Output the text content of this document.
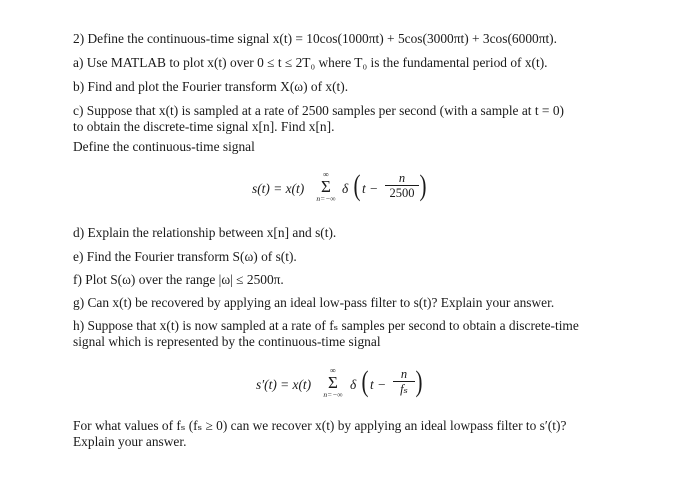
2) Define the continuous-time signal x(t) = 10cos(1000πt) + 5cos(3000πt) + 3cos(6000πt).
a) Use MATLAB to plot x(t) over 0 ≤ t ≤ 2T₀ where T₀ is the fundamental period of x(t).
b) Find and plot the Fourier transform X(ω) of x(t).
c) Suppose that x(t) is sampled at a rate of 2500 samples per second (with a sample at t = 0)
to obtain the discrete-time signal x[n]. Find x[n].
Define the continuous-time signal
s(t) = x(t)
∞
Σ
n=−∞
δ ( $t - \frac{n}{2500}$ )
d) Explain the relationship between x[n] and s(t).
e) Find the Fourier transform S(ω) of s(t).
f) Plot S(ω) over the range |ω| ≤ 2500π.
g) Can x(t) be recovered by applying an ideal low-pass filter to s(t)? Explain your answer.
h) Suppose that x(t) is now sampled at a rate of fₛ samples per second to obtain a discrete-time
signal which is represented by the continuous-time signal
s′(t) = x(t)
∞
Σ
n=−∞
δ ( $t - \frac{n}{\text{fₛ}}$ )
For what values of fₛ (fₛ ≥ 0) can we recover x(t) by applying an ideal lowpass filter to s′(t)?
Explain your answer.
